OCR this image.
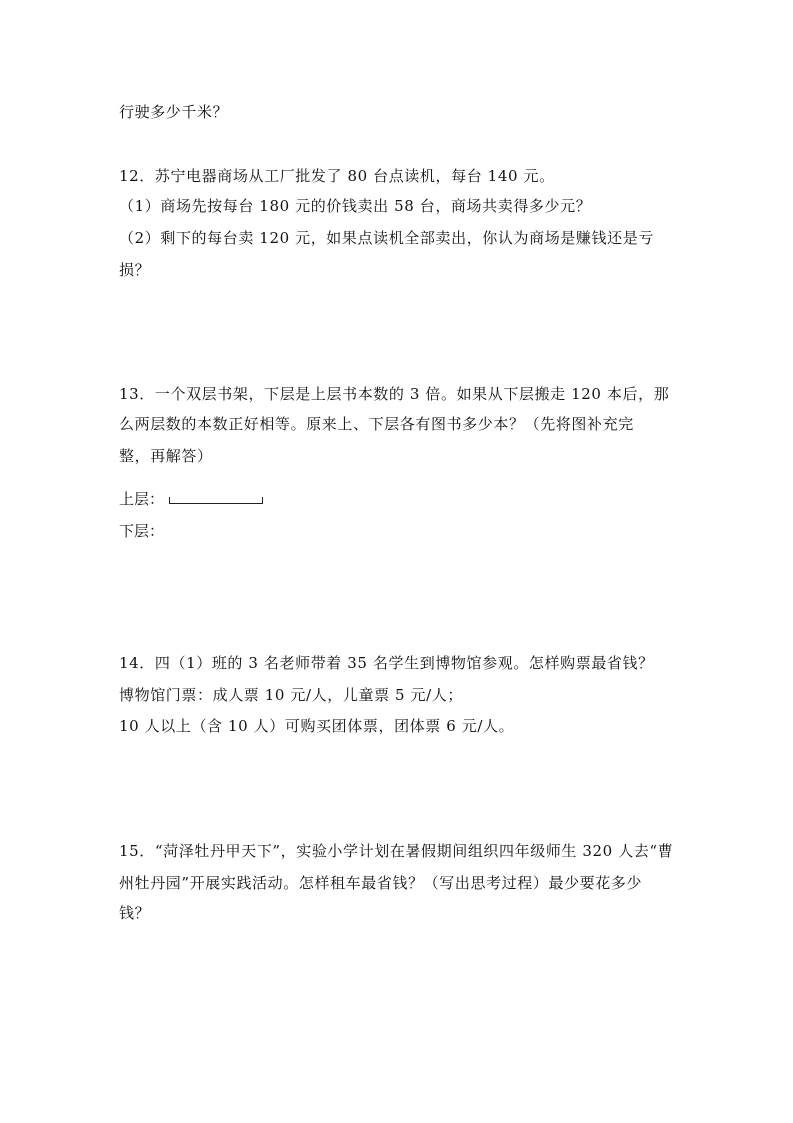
行驶多少千米？
12．苏宁电器商场从工厂批发了 80 台点读机，每台 140 元。
（1）商场先按每台 180 元的价钱卖出 58 台，商场共卖得多少元？
（2）剩下的每台卖 120 元，如果点读机全部卖出，你认为商场是赚钱还是亏
损？
13．一个双层书架，下层是上层书本数的 3 倍。如果从下层搬走 120 本后，那
么两层数的本数正好相等。原来上、下层各有图书多少本？（先将图补充完
整，再解答）
上层：
下层：
14．四（1）班的 3 名老师带着 35 名学生到博物馆参观。怎样购票最省钱？
博物馆门票：成人票 10 元/人，儿童票 5 元/人；
10 人以上（含 10 人）可购买团体票，团体票 6 元/人。
15．“菏泽牡丹甲天下”，实验小学计划在暑假期间组织四年级师生 320 人去“曹
州牡丹园”开展实践活动。怎样租车最省钱？（写出思考过程）最少要花多少
钱？
